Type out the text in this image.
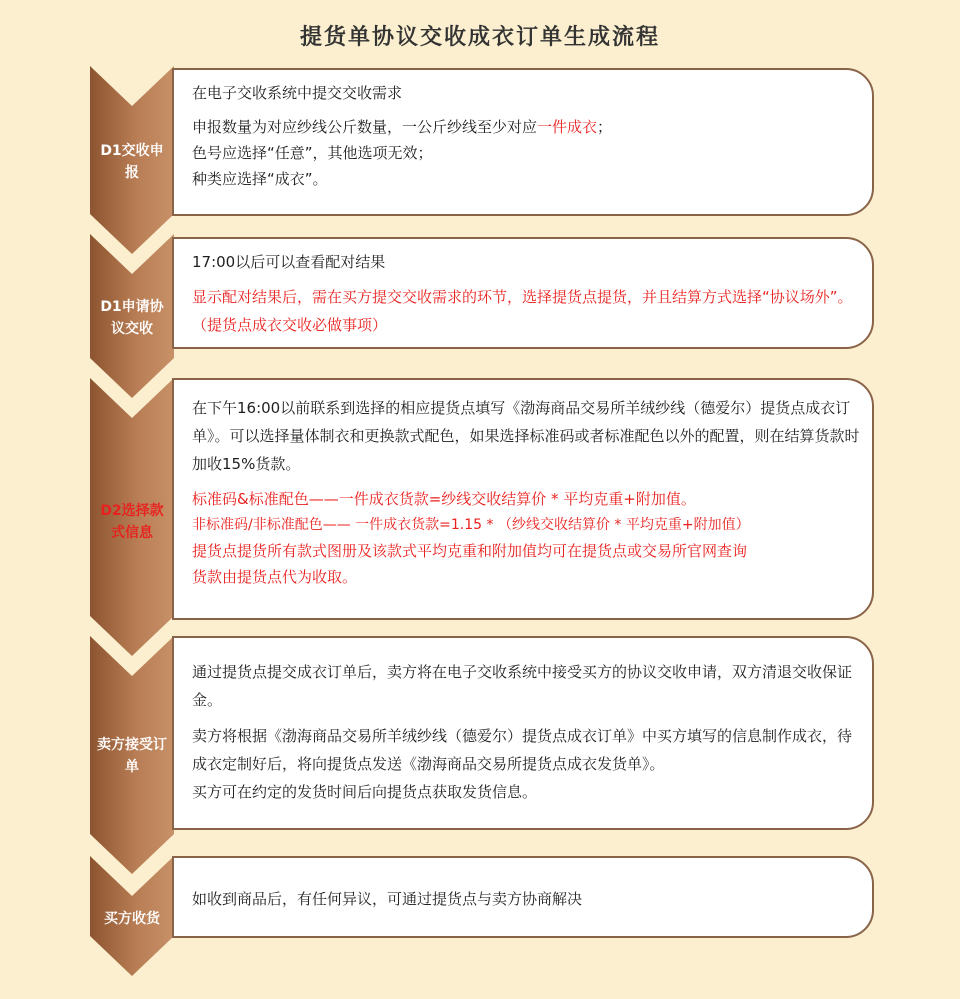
提货单协议交收成衣订单生成流程
D1交收申
报
在电子交收系统中提交交收需求
申报数量为对应纱线公斤数量，一公斤纱线至少对应一件成衣；
色号应选择“任意”，其他选项无效；
种类应选择“成衣”。
D1申请协
议交收
17:00以后可以查看配对结果
显示配对结果后，需在买方提交交收需求的环节，选择提货点提货，并且结算方式选择“协议场外”。（提货点成衣交收必做事项）
D2选择款
式信息
在下午16:00以前联系到选择的相应提货点填写《渤海商品交易所羊绒纱线（德爱尔）提货点成衣订单》。可以选择量体制衣和更换款式配色，如果选择标准码或者标准配色以外的配置，则在结算货款时加收15%货款。
标准码&标准配色——一件成衣货款=纱线交收结算价 * 平均克重+附加值。
非标准码/非标准配色—— 一件成衣货款=1.15 * （纱线交收结算价 * 平均克重+附加值）
提货点提货所有款式图册及该款式平均克重和附加值均可在提货点或交易所官网查询
货款由提货点代为收取。
卖方接受订
单
通过提货点提交成衣订单后，卖方将在电子交收系统中接受买方的协议交收申请，双方清退交收保证金。
卖方将根据《渤海商品交易所羊绒纱线（德爱尔）提货点成衣订单》中买方填写的信息制作成衣，待成衣定制好后，将向提货点发送《渤海商品交易所提货点成衣发货单》。
买方可在约定的发货时间后向提货点获取发货信息。
买方收货
如收到商品后，有任何异议，可通过提货点与卖方协商解决
